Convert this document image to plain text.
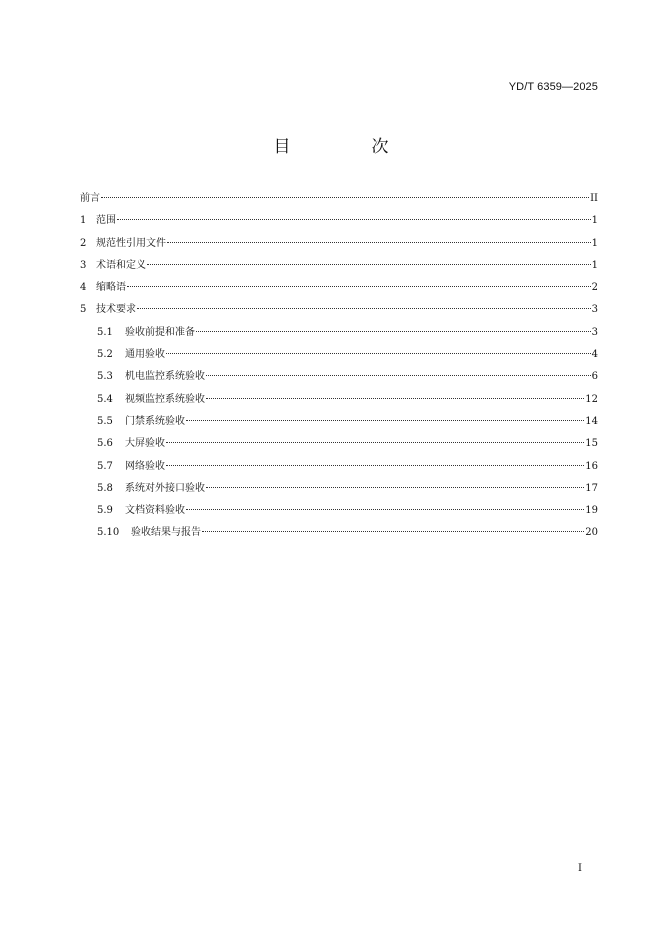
YD/T 6359—2025
目　次
前言	II
1 范围	1
2 规范性引用文件	1
3 术语和定义	1
4 缩略语	2
5 技术要求	3
5.1	验收前提和准备	3
5.2	通用验收	4
5.3	机电监控系统验收	6
5.4	视频监控系统验收	12
5.5	门禁系统验收	14
5.6	大屏验收	15
5.7	网络验收	16
5.8	系统对外接口验收	17
5.9	文档资料验收	19
5.10	验收结果与报告	20
I
